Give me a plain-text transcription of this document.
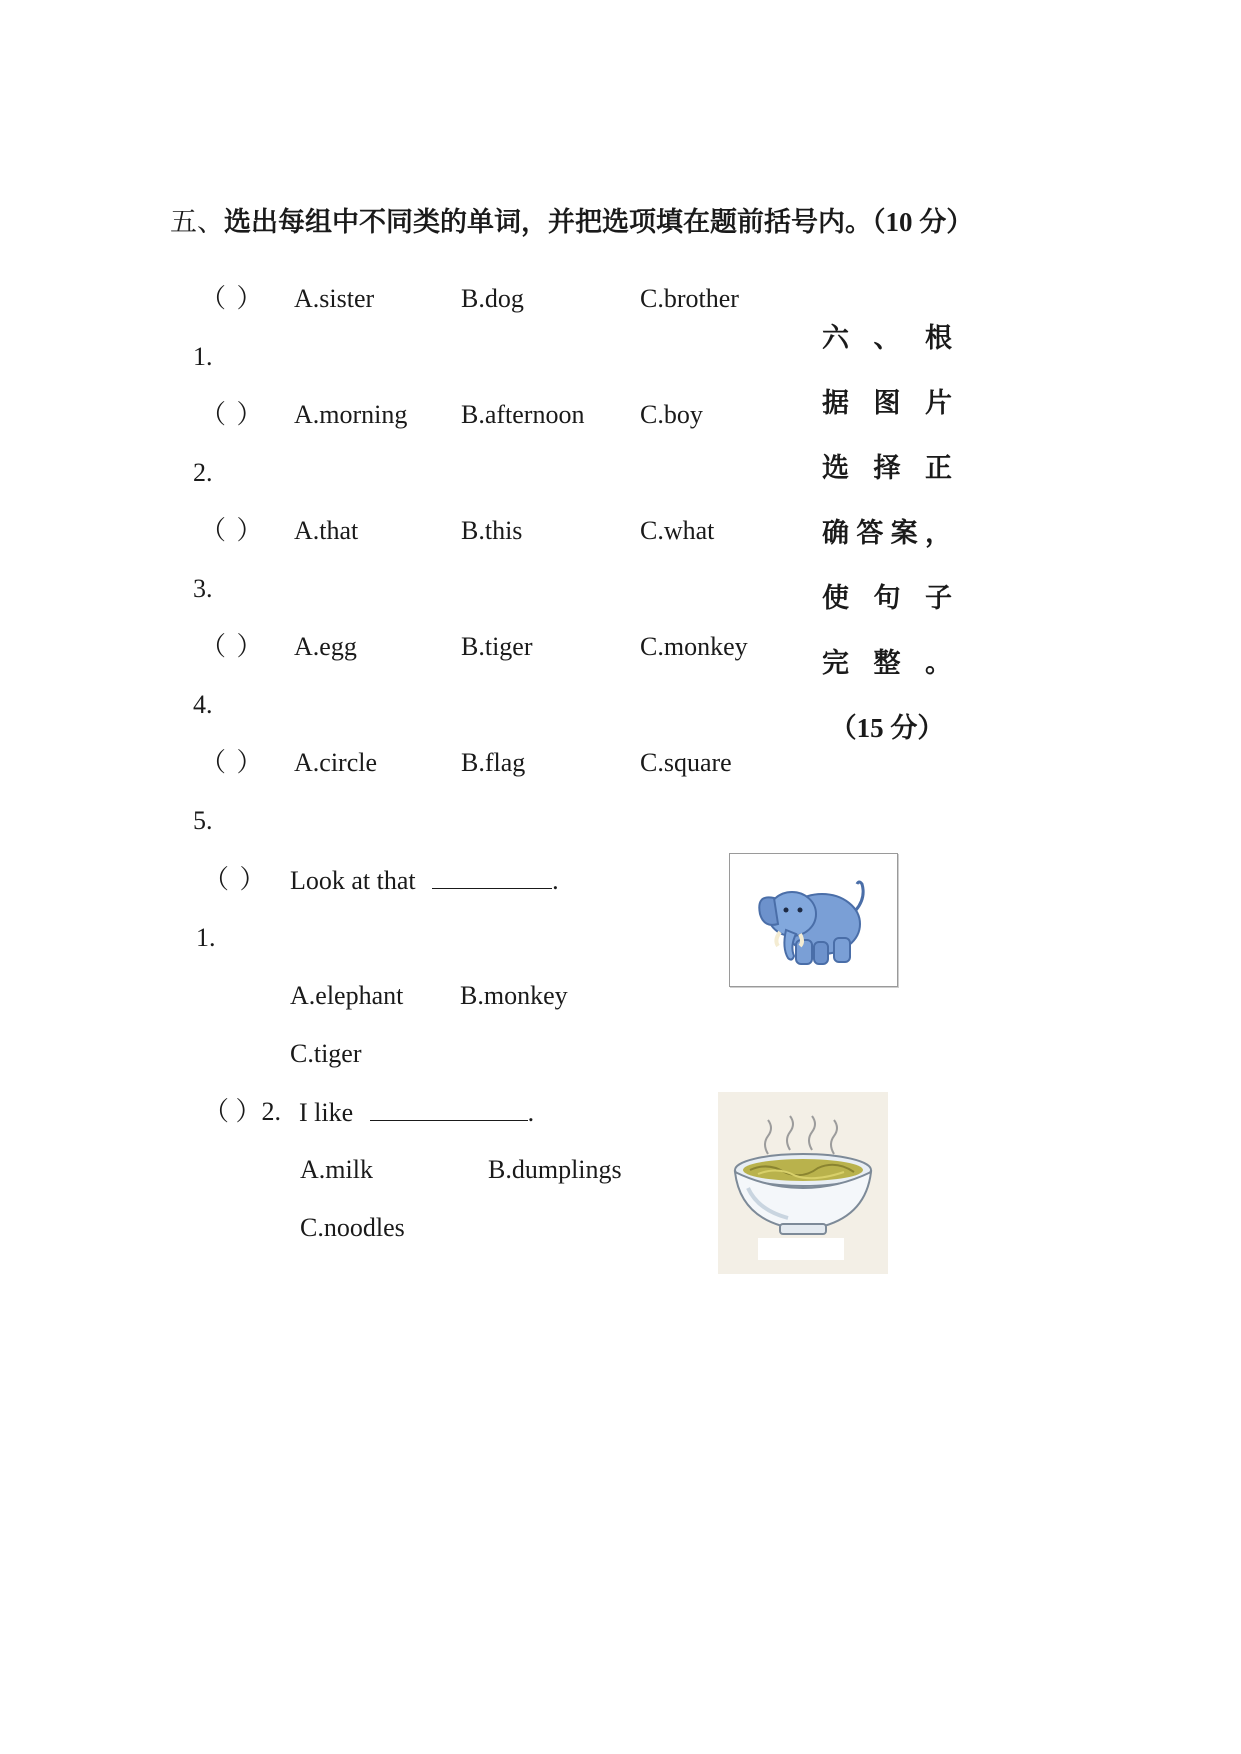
五、选出每组中不同类的单词，并把选项填在题前括号内。（10 分）
（ ） A.sister	B.dog	C.brother
1.
（ ） A.morning B.afternoon C.boy
2.
（ ） A.that	B.this	C.what
3.
（ ） A.egg	B.tiger	C.monkey
4.
（ ） A.circle	B.flag	C.square
5.
六 、 根
据 图 片
选 择 正
确答案，
使 句 子
完 整 。
（15 分）
（ ） Look at that	.
1.
A.elephant B.monkey
C.tiger
（ ）2. I like	.
A.milk	B.dumplings
C.noodles
